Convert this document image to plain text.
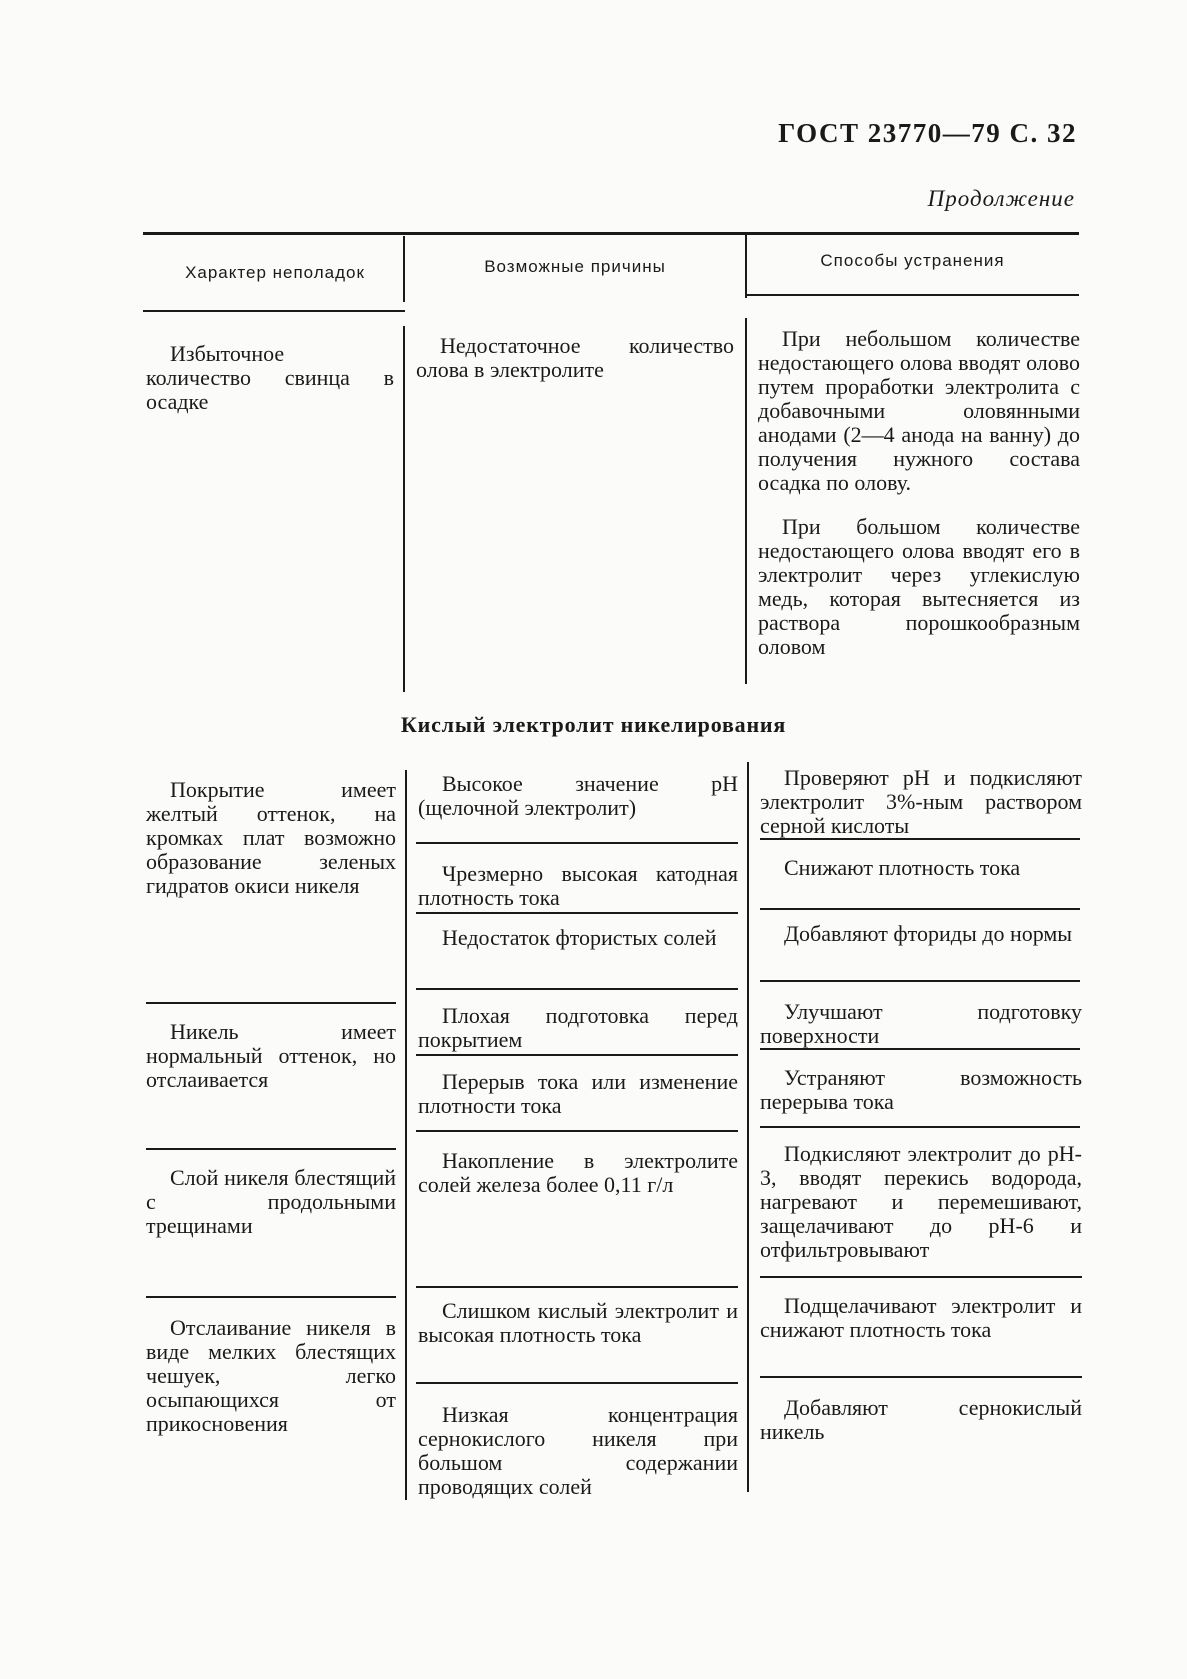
ГОСТ 23770—79 С. 32
Продолжение
Характер неполадок	Возможные причины	Способы устранения

Избыточное количество свинца в осадке

Недостаточное количество олова в электролите

При небольшом количестве недостающего олова вводят олово путем проработки электролита с добавочными оловянными анодами (2—4 анода на ванну) до получения нужного состава осадка по олову.

При большом количестве недостающего олова вводят его в электролит через углекислую медь, которая вытесняется из раствора порошкообразным оловом

Кислый электролит никелирования

Покрытие имеет желтый оттенок, на кромках плат возможно образование зеленых гидратов окиси никеля

Никель имеет нормальный оттенок, но отслаивается

Слой никеля блестящий с продольными трещинами

Отслаивание никеля в виде мелких блестящих чешуек, легко осыпающихся от прикосновения

Высокое значение pH (щелочной электролит)

Чрезмерно высокая катодная плотность тока

Недостаток фтористых солей

Плохая подготовка перед покрытием

Перерыв тока или изменение плотности тока

Накопление в электролите солей железа более 0,11 г/л

Слишком кислый электролит и высокая плотность тока

Низкая концентрация сернокислого никеля при большом содержании проводящих солей

Проверяют pH и подкисляют электролит 3%-ным раствором серной кислоты

Снижают плотность тока

Добавляют фториды до нормы

Улучшают подготовку поверхности

Устраняют возможность перерыва тока

Подкисляют электролит до pH-3, вводят перекись водорода, нагревают и перемешивают, защелачивают до pH-6 и отфильтровывают

Подщелачивают электролит и снижают плотность тока

Добавляют сернокислый никель
